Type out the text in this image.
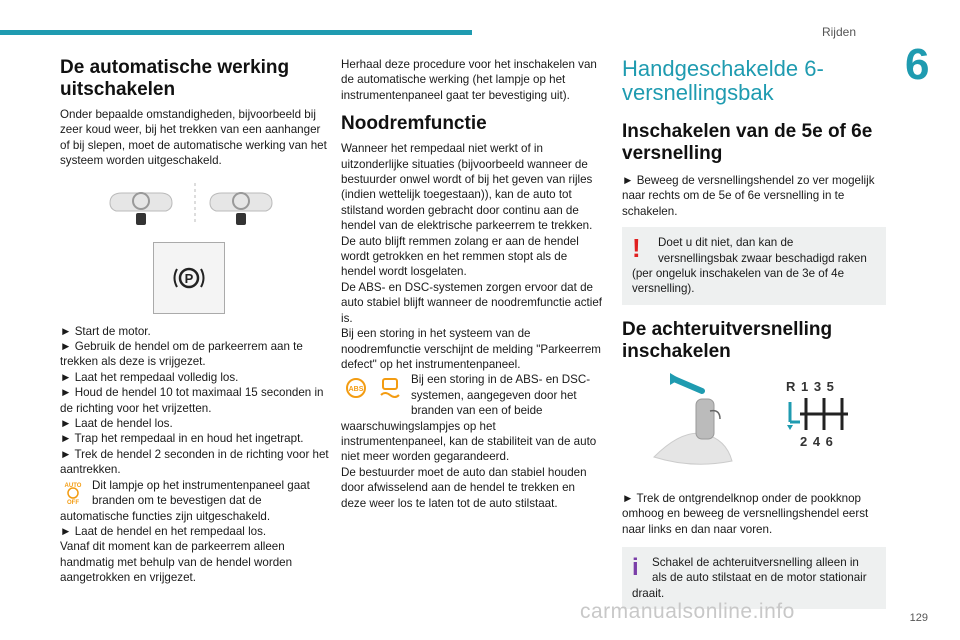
Rijden
6
De automatische werking uitschakelen

Onder bepaalde omstandigheden, bijvoorbeeld bij zeer koud weer, bij het trekken van een aanhanger of bij slepen, moet de automatische werking van het systeem worden uitgeschakeld.

P

► Start de motor.

► Gebruik de hendel om de parkeerrem aan te trekken als deze is vrijgezet.

► Laat het rempedaal volledig los.

► Houd de hendel 10 tot maximaal 15 seconden in de richting voor het vrijzetten.

► Laat de hendel los.

► Trap het rempedaal in en houd het ingetrapt.

► Trek de hendel 2 seconden in de richting voor het aantrekken.

AUTO
OFF
Dit lampje op het instrumentenpaneel gaat branden om te bevestigen dat de automatische functies zijn uitgeschakeld.

► Laat de hendel en het rempedaal los.

Vanaf dit moment kan de parkeerrem alleen handmatig met behulp van de hendel worden aangetrokken en vrijgezet.

Herhaal deze procedure voor het inschakelen van de automatische werking (het lampje op het instrumentenpaneel gaat ter bevestiging uit).

Noodremfunctie

Wanneer het rempedaal niet werkt of in uitzonderlijke situaties (bijvoorbeeld wanneer de bestuurder onwel wordt of bij het geven van rijles (indien wettelijk toegestaan)), kan de auto tot stilstand worden gebracht door continu aan de hendel van de elektrische parkeerrem te trekken.

De auto blijft remmen zolang er aan de hendel wordt getrokken en het remmen stopt als de hendel wordt losgelaten.

De ABS- en DSC-systemen zorgen ervoor dat de auto stabiel blijft wanneer de noodremfunctie actief is.

Bij een storing in het systeem van de noodremfunctie verschijnt de melding "Parkeerrem defect" op het instrumentenpaneel.

ABS
Bij een storing in de ABS- en DSC-systemen, aangegeven door het branden van een of beide waarschuwingslampjes op het instrumentenpaneel, kan de stabiliteit van de auto niet meer worden gegarandeerd.

De bestuurder moet de auto dan stabiel houden door afwisselend aan de hendel te trekken en deze weer los te laten tot de auto stilstaat.

Handgeschakelde 6-versnellingsbak
Inschakelen van de 5e of 6e versnelling

► Beweeg de versnellingshendel zo ver mogelijk naar rechts om de 5e of 6e versnelling in te schakelen.

!	Doet u dit niet, dan kan de versnellingsbak zwaar beschadigd raken (per ongeluk inschakelen van de 3e of 4e versnelling).
De achteruitversnelling inschakelen
R 1 3 5
2 4 6

► Trek de ontgrendelknop onder de pookknop omhoog en beweeg de versnellingshendel eerst naar links en dan naar voren.

i	Schakel de achteruitversnelling alleen in als de auto stilstaat en de motor stationair draait.
carmanualsonline.info	129
